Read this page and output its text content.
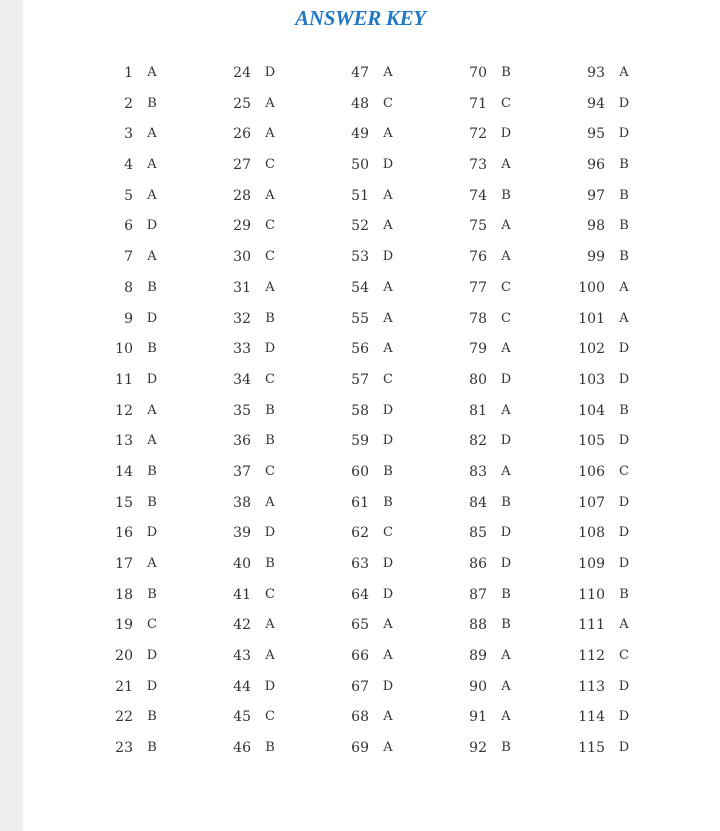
ANSWER KEY
1 A
2 B
3 A
4 A
5 A
6 D
7 A
8 B
9 D
10 B
11 D
12 A
13 A
14 B
15 B
16 D
17 A
18 B
19 C
20 D
21 D
22 B
23 B
24 D
25 A
26 A
27 C
28 A
29 C
30 C
31 A
32 B
33 D
34 C
35 B
36 B
37 C
38 A
39 D
40 B
41 C
42 A
43 A
44 D
45 C
46 B
47 A
48 C
49 A
50 D
51 A
52 A
53 D
54 A
55 A
56 A
57 C
58 D
59 D
60 B
61 B
62 C
63 D
64 D
65 A
66 A
67 D
68 A
69 A
70 B
71 C
72 D
73 A
74 B
75 A
76 A
77 C
78 C
79 A
80 D
81 A
82 D
83 A
84 B
85 D
86 D
87 B
88 B
89 A
90 A
91 A
92 B
93 A
94 D
95 D
96 B
97 B
98 B
99 B
100 A
101 A
102 D
103 D
104 B
105 D
106 C
107 D
108 D
109 D
110 B
111 A
112 C
113 D
114 D
115 D
